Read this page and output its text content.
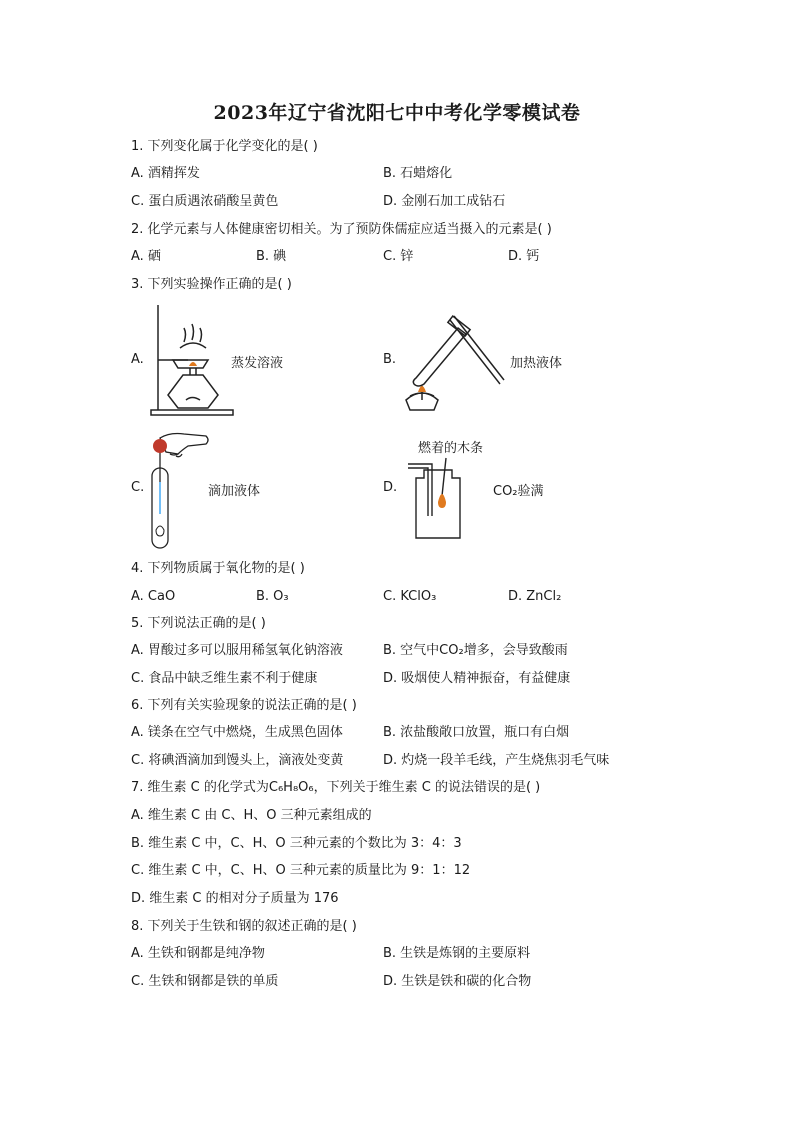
2023年辽宁省沈阳七中中考化学零模试卷
1. 下列变化属于化学变化的是( )
A. 酒精挥发	B. 石蜡熔化
C. 蛋白质遇浓硝酸呈黄色	D. 金刚石加工成钻石
2. 化学元素与人体健康密切相关。为了预防侏儒症应适当摄入的元素是( )
A. 硒	B. 碘	C. 锌	D. 钙
3. 下列实验操作正确的是( )
A.	蒸发溶液	B.	加热液体
C.	滴加液体
燃着的木条
D.	CO₂验满
4. 下列物质属于氧化物的是( )
A. CaO	B. O₃	C. KClO₃	D. ZnCl₂
5. 下列说法正确的是( )
A. 胃酸过多可以服用稀氢氧化钠溶液	B. 空气中CO₂增多，会导致酸雨
C. 食品中缺乏维生素不利于健康	D. 吸烟使人精神振奋，有益健康
6. 下列有关实验现象的说法正确的是( )
A. 镁条在空气中燃烧，生成黑色固体	B. 浓盐酸敞口放置，瓶口有白烟
C. 将碘酒滴加到馒头上，滴液处变黄	D. 灼烧一段羊毛线，产生烧焦羽毛气味
7. 维生素 C 的化学式为C₆H₈O₆，下列关于维生素 C 的说法错误的是( )
A. 维生素 C 由 C、H、O 三种元素组成的
B. 维生素 C 中，C、H、O 三种元素的个数比为 3：4：3
C. 维生素 C 中，C、H、O 三种元素的质量比为 9：1：12
D. 维生素 C 的相对分子质量为 176
8. 下列关于生铁和钢的叙述正确的是( )
A. 生铁和钢都是纯净物	B. 生铁是炼钢的主要原料
C. 生铁和钢都是铁的单质	D. 生铁是铁和碳的化合物
